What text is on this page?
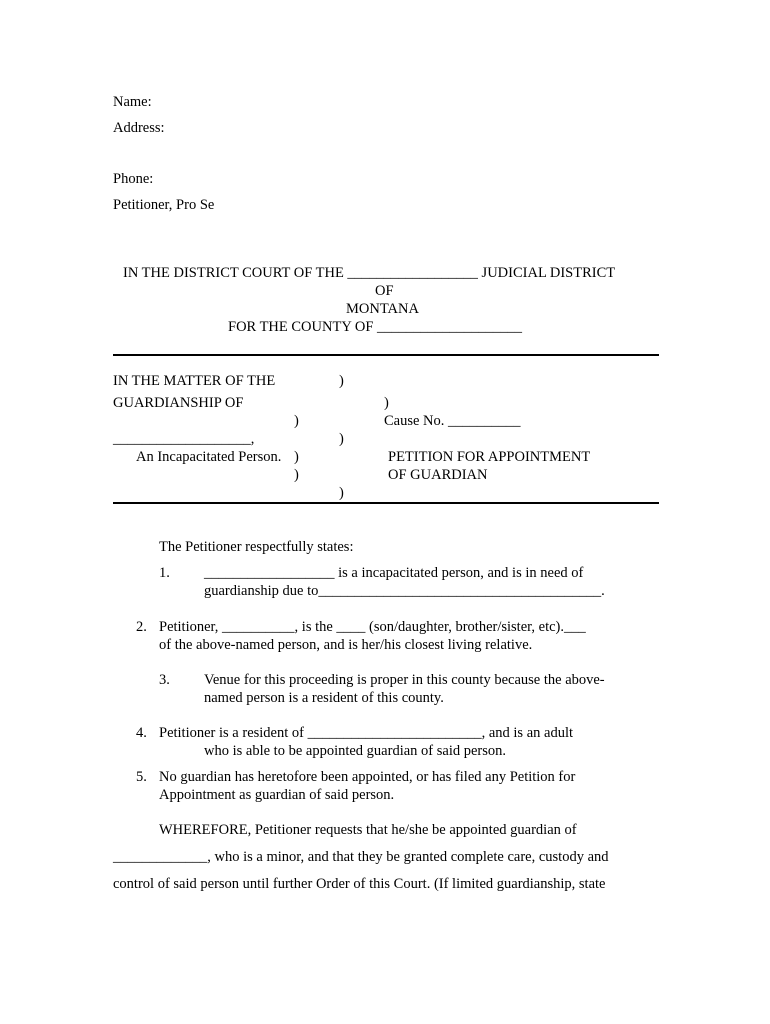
Name:
Address:
Phone:
Petitioner, Pro Se
IN THE DISTRICT COURT OF THE __________________ JUDICIAL DISTRICT
OF
MONTANA
FOR THE COUNTY OF ____________________
IN THE MATTER OF THE	)
GUARDIANSHIP OF	)
)	Cause No. __________
___________________,	)
An Incapacitated Person. )	PETITION FOR APPOINTMENT
)	OF GUARDIAN
)
The Petitioner respectfully states:
1. __________________ is a incapacitated person, and is in need of
guardianship due to_______________________________________.
2. Petitioner, __________, is the ____ (son/daughter, brother/sister, etc).___
of the above-named person, and is her/his closest living relative.
3. Venue for this proceeding is proper in this county because the above-
named person is a resident of this county.
4. Petitioner is a resident of ________________________, and is an adult
who is able to be appointed guardian of said person.
5. No guardian has heretofore been appointed, or has filed any Petition for
Appointment as guardian of said person.
WHEREFORE, Petitioner requests that he/she be appointed guardian of
_____________, who is a minor, and that they be granted complete care, custody and
control of said person until further Order of this Court. (If limited guardianship, state
